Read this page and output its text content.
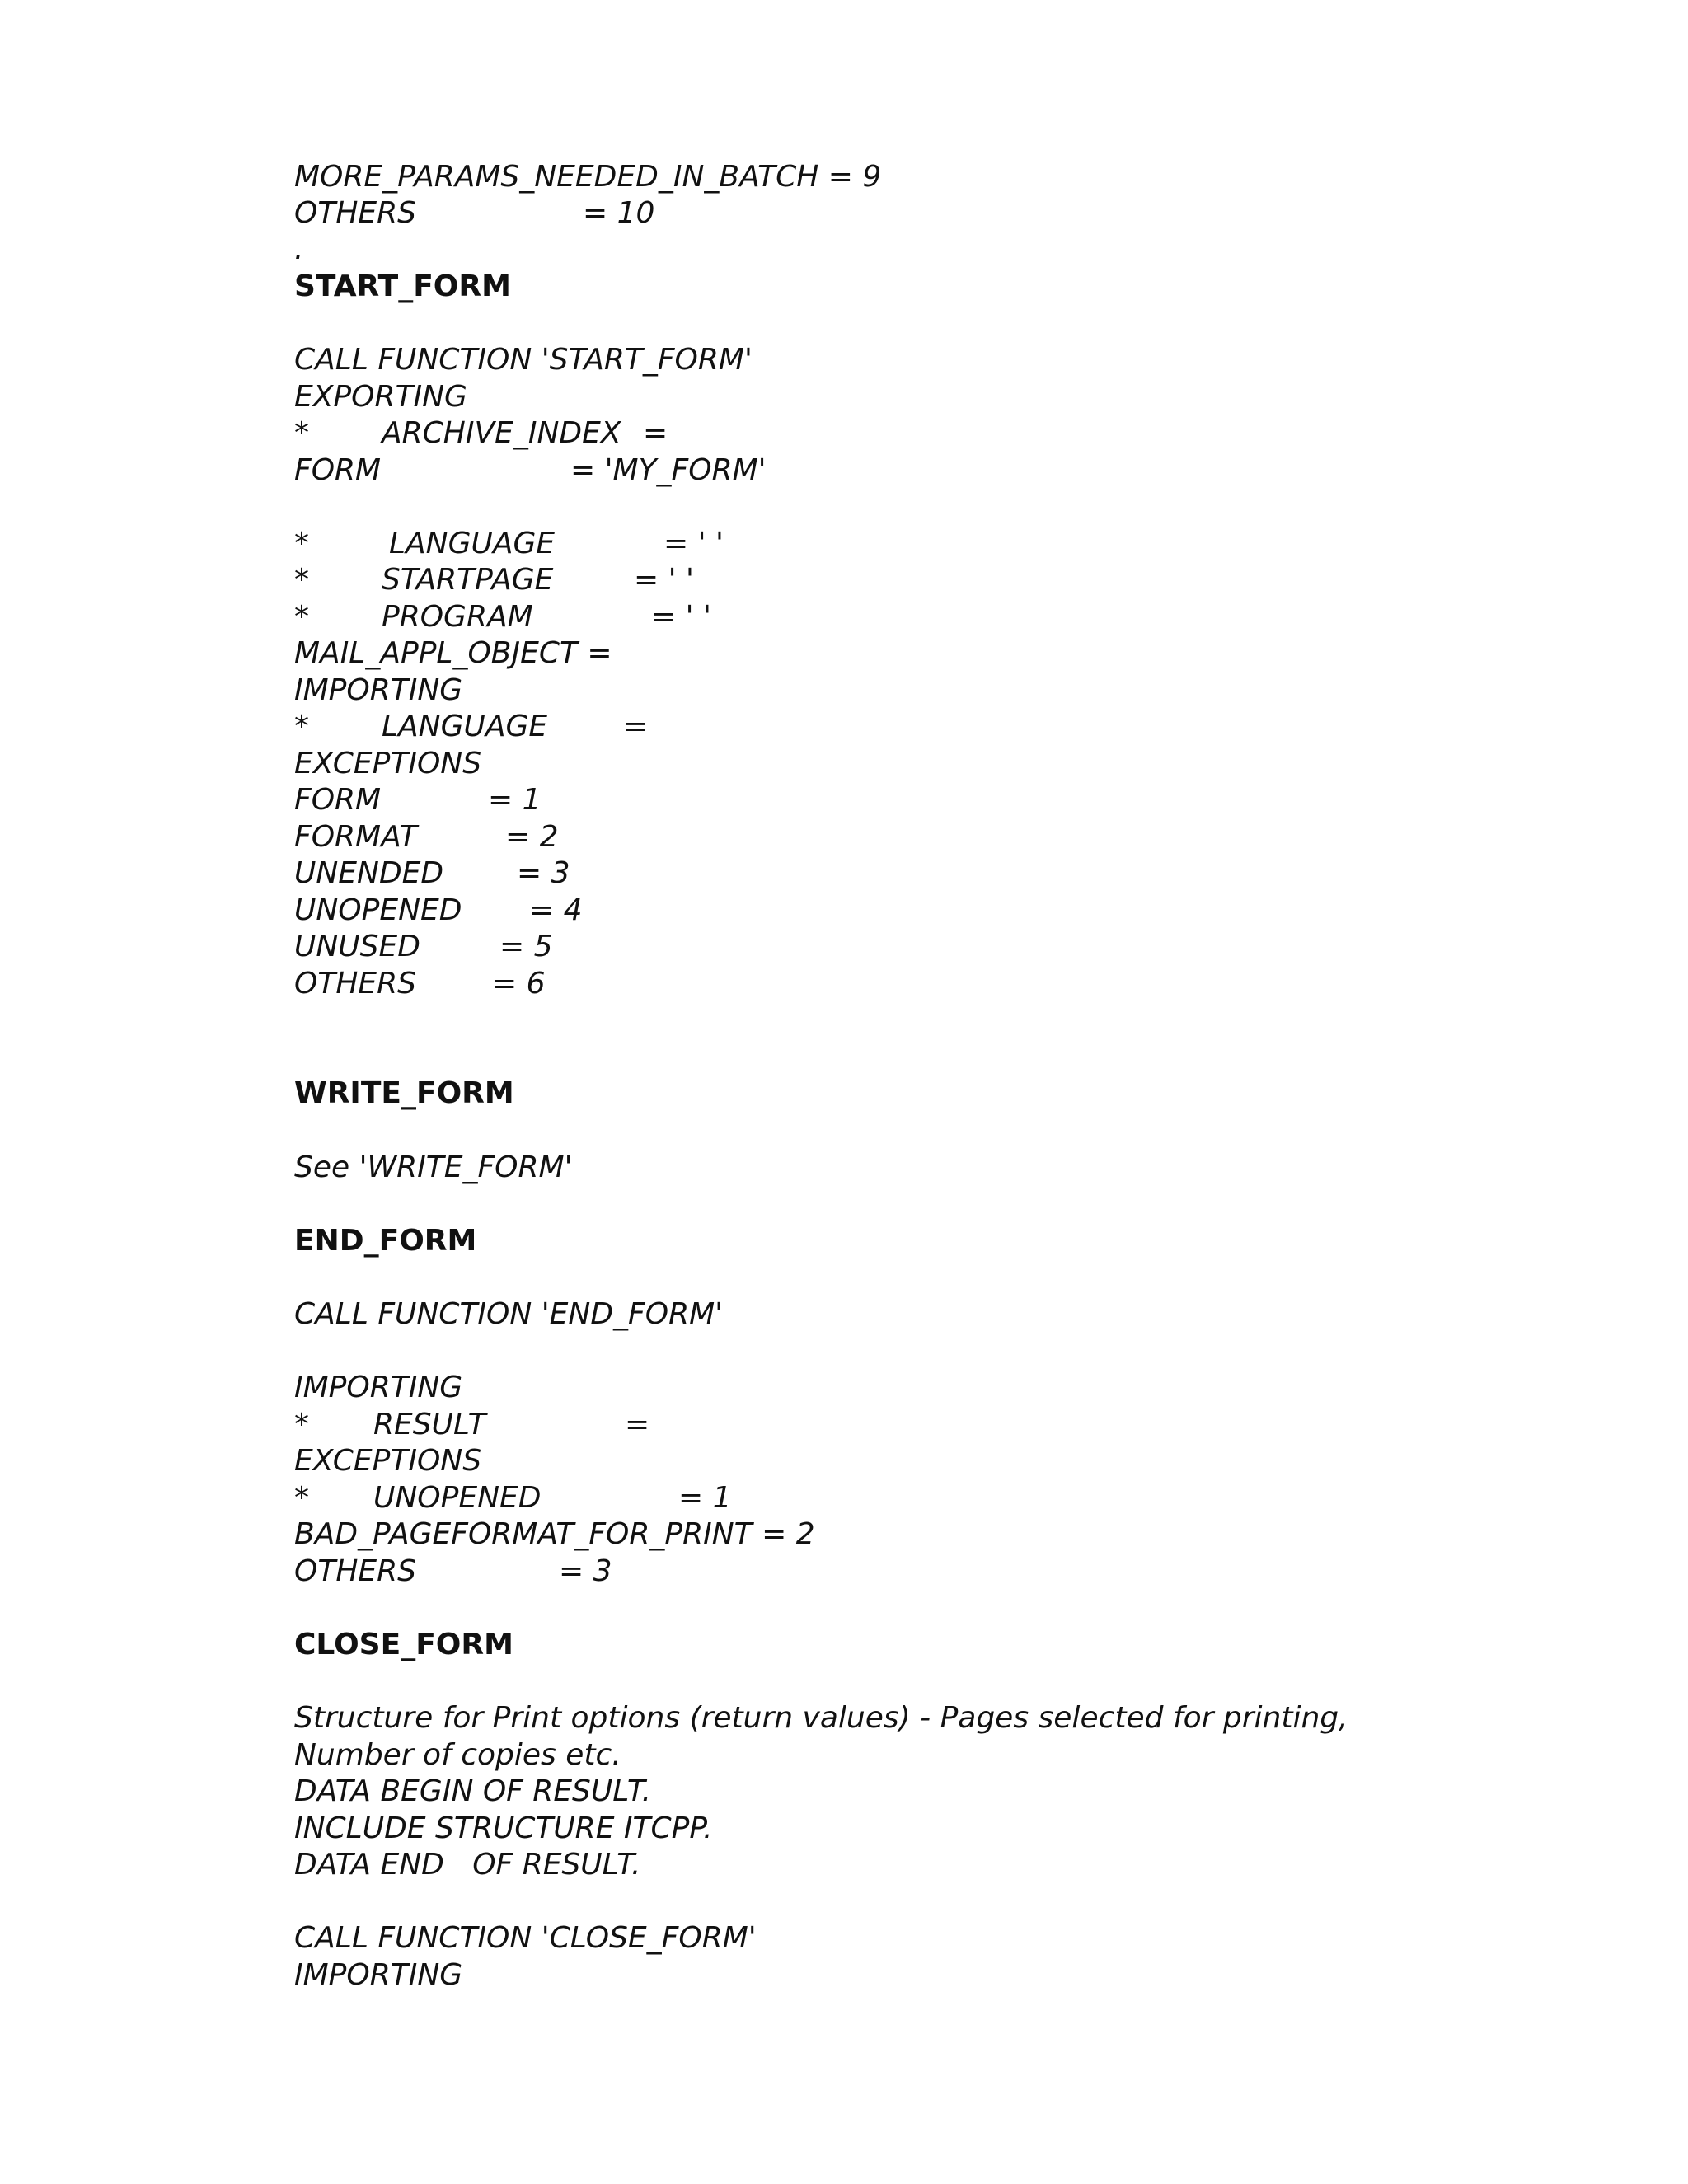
MORE_PARAMS_NEEDED_IN_BATCH = 9

OTHERS

	= 10

.

START_FORM

CALL FUNCTION 'START_FORM'

EXPORTING

*

ARCHIVE_INDEX

=

FORM

	= 'MY_FORM'

*

	LANGUAGE

	= ' '

*

STARTPAGE

	= ' '

*

PROGRAM

	= ' '

MAIL_APPL_OBJECT =

IMPORTING

*

LANGUAGE

	=

EXCEPTIONS

FORM

	= 1

FORMAT

	= 2

UNENDED

= 3

UNOPENED

= 4

UNUSED

	= 5

OTHERS

	= 6

WRITE_FORM

See 'WRITE_FORM'

END_FORM

CALL FUNCTION 'END_FORM'

IMPORTING

*

RESULT

	=

EXCEPTIONS

*

UNOPENED

	= 1

BAD_PAGEFORMAT_FOR_PRINT = 2

OTHERS

	= 3

CLOSE_FORM

Structure for Print options (return values) - Pages selected for printing, Number of copies etc.

DATA BEGIN OF RESULT.

INCLUDE STRUCTURE ITCPP.

DATA END   OF RESULT.

CALL FUNCTION 'CLOSE_FORM'

IMPORTING
